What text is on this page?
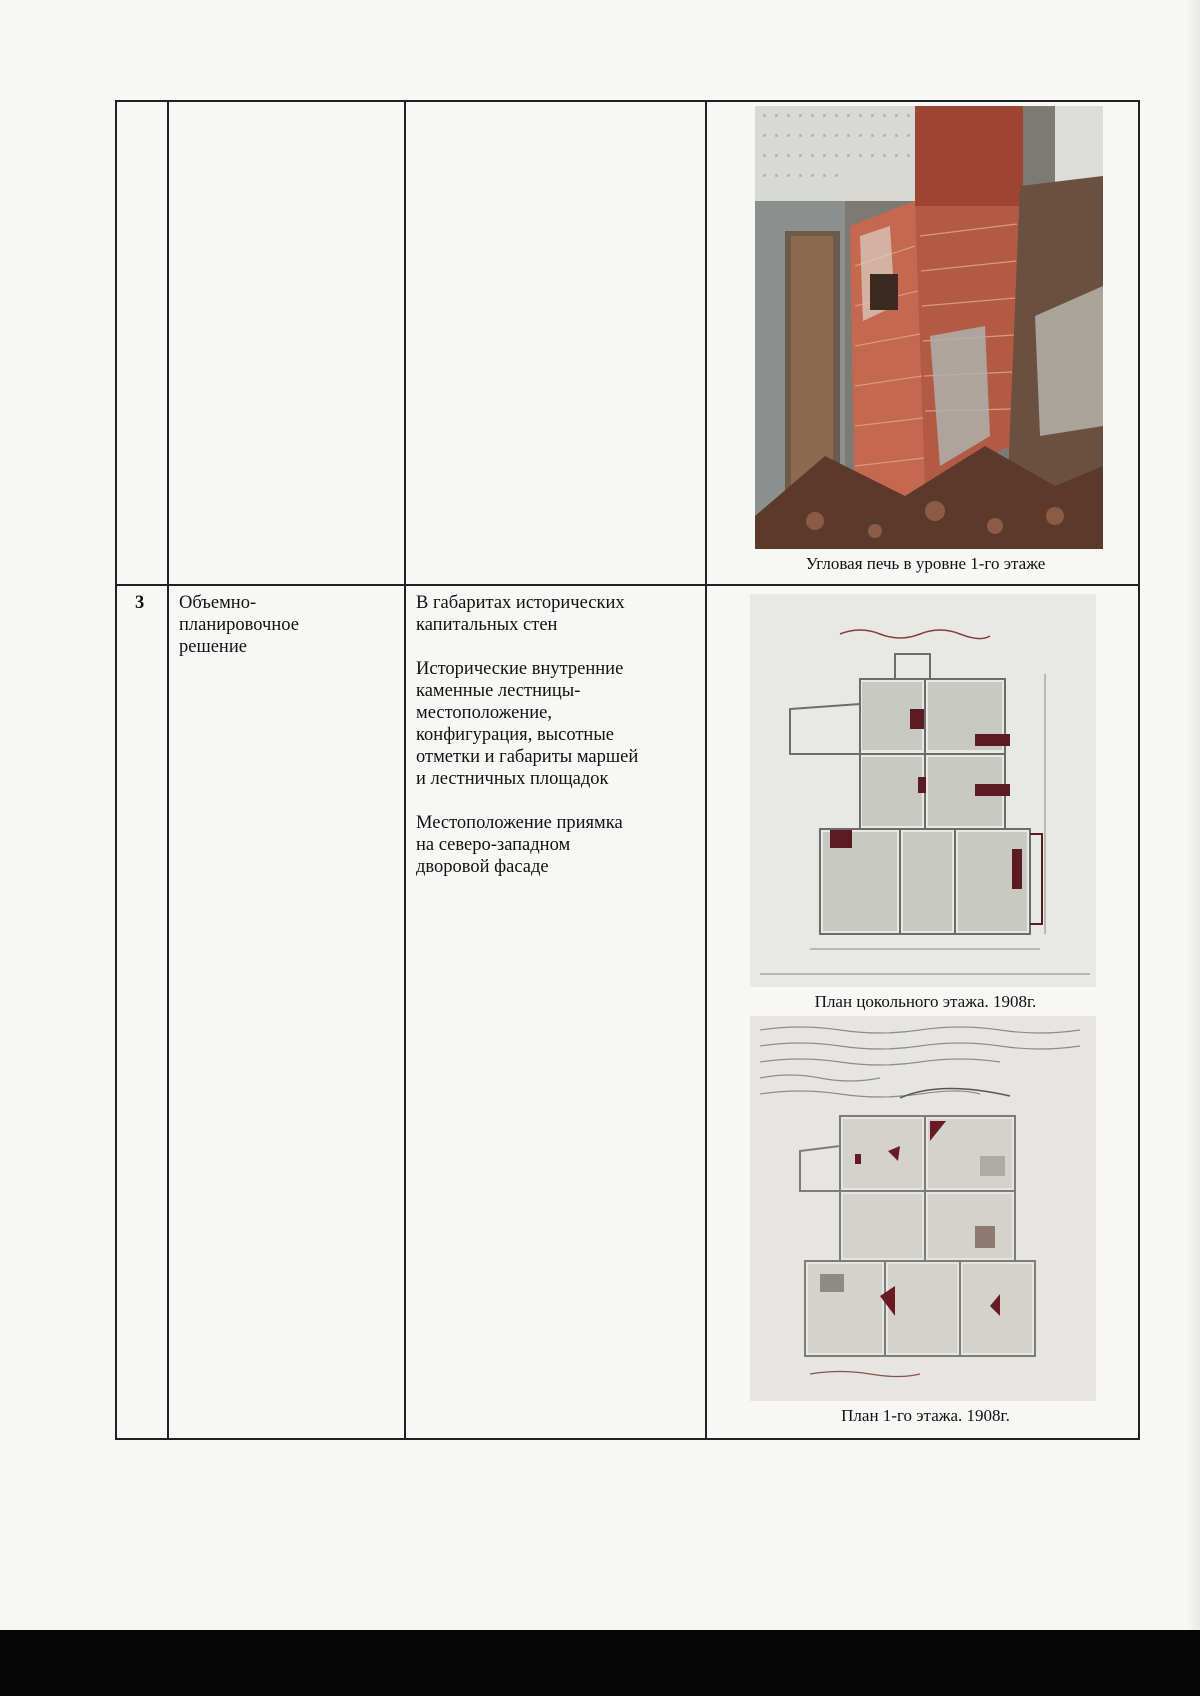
Угловая печь в уровне 1-го этаже
3 Объемно-
планировочное
решение
В габаритах исторических
капитальных стен
Исторические внутренние
каменные лестницы-
местоположение,
конфигурация, высотные
отметки и габариты маршей
и лестничных площадок
Местоположение приямка
на северо-западном
дворовой фасаде
План цокольного этажа. 1908г.
План 1-го этажа. 1908г.
